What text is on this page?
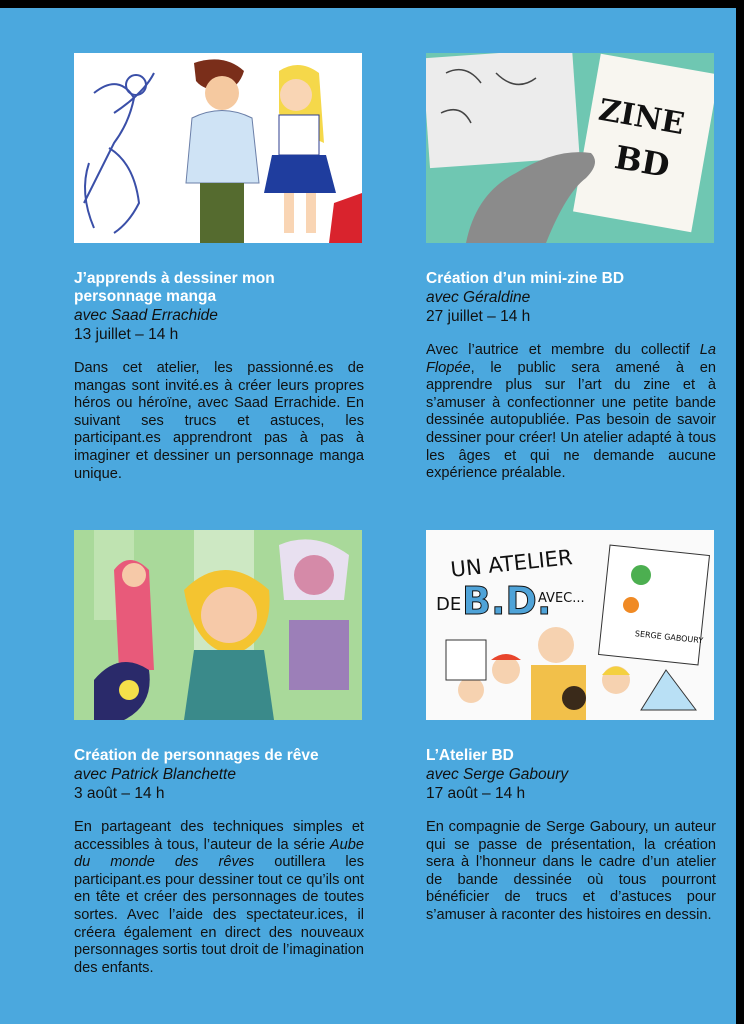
J’apprends à dessiner mon personnage manga
avec Saad Errachide
13 juillet – 14 h
Dans cet atelier, les passionné.es de mangas sont invité.es à créer leurs propres héros ou héroïne, avec Saad Errachide. En suivant ses trucs et astuces, les participant.es apprendront pas à pas à imaginer et dessiner un personnage manga unique.
ZINE
BD
Création d’un mini-zine BD
avec Géraldine
27 juillet – 14 h
Avec l’autrice et membre du collectif La Flopée, le public sera amené à en apprendre plus sur l’art du zine et à s’amuser à confectionner une petite bande dessinée autopubliée. Pas besoin de savoir dessiner pour créer! Un atelier adapté à tous les âges et qui ne demande aucune expérience préalable.
Création de personnages de rêve
avec Patrick Blanchette
3 août – 14 h
En partageant des techniques simples et accessibles à tous, l’auteur de la série Aube du monde des rêves outillera les participant.es pour dessiner tout ce qu’ils ont en tête et créer des personnages de toutes sortes. Avec l’aide des spectateur.ices, il créera également en direct des nouveaux personnages sortis tout droit de l’imagination des enfants.
UN ATELIER
DE B.D.
AVEC...
SERGE GABOURY
L’Atelier BD
avec Serge Gaboury
17 août – 14 h
En compagnie de Serge Gaboury, un auteur qui se passe de présentation, la création sera à l’honneur dans le cadre d’un atelier de bande dessinée où tous pourront bénéficier de trucs et d’astuces pour s’amuser à raconter des histoires en dessin.
